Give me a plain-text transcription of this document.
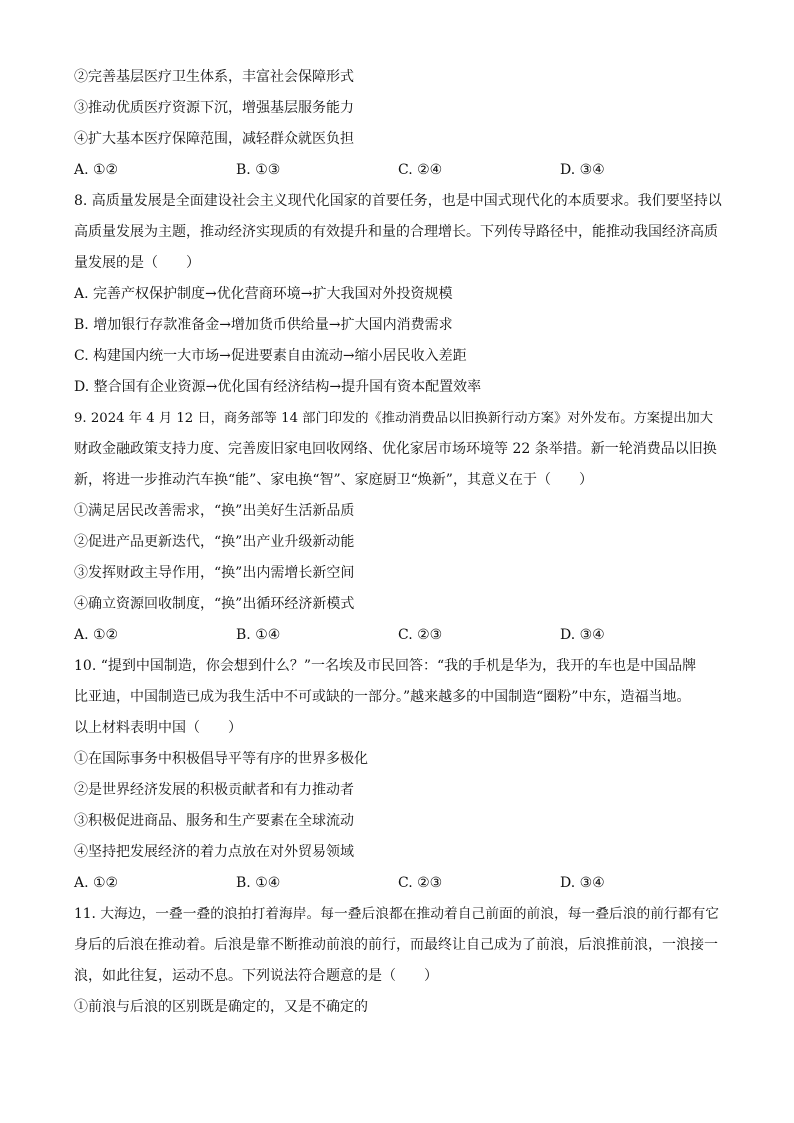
②完善基层医疗卫生体系，丰富社会保障形式
③推动优质医疗资源下沉，增强基层服务能力
④扩大基本医疗保障范围，减轻群众就医负担
A. ①②	B. ①③	C. ②④	D. ③④
8. 高质量发展是全面建设社会主义现代化国家的首要任务，也是中国式现代化的本质要求。我们要坚持以
高质量发展为主题，推动经济实现质的有效提升和量的合理增长。下列传导路径中，能推动我国经济高质
量发展的是（　　）
A. 完善产权保护制度→优化营商环境→扩大我国对外投资规模
B. 增加银行存款准备金→增加货币供给量→扩大国内消费需求
C. 构建国内统一大市场→促进要素自由流动→缩小居民收入差距
D. 整合国有企业资源→优化国有经济结构→提升国有资本配置效率
9. 2024 年 4 月 12 日，商务部等 14 部门印发的《推动消费品以旧换新行动方案》对外发布。方案提出加大
财政金融政策支持力度、完善废旧家电回收网络、优化家居市场环境等 22 条举措。新一轮消费品以旧换
新，将进一步推动汽车换“能”、家电换“智”、家庭厨卫“焕新”，其意义在于（　　）
①满足居民改善需求，“换”出美好生活新品质
②促进产品更新迭代，“换”出产业升级新动能
③发挥财政主导作用，“换”出内需增长新空间
④确立资源回收制度，“换”出循环经济新模式
A. ①②	B. ①④	C. ②③	D. ③④
10. “提到中国制造，你会想到什么？”一名埃及市民回答：“我的手机是华为，我开的车也是中国品牌
比亚迪，中国制造已成为我生活中不可或缺的一部分。”越来越多的中国制造“圈粉”中东，造福当地。
以上材料表明中国（　　）
①在国际事务中积极倡导平等有序的世界多极化
②是世界经济发展的积极贡献者和有力推动者
③积极促进商品、服务和生产要素在全球流动
④坚持把发展经济的着力点放在对外贸易领域
A. ①②	B. ①④	C. ②③	D. ③④
11. 大海边，一叠一叠的浪拍打着海岸。每一叠后浪都在推动着自己前面的前浪，每一叠后浪的前行都有它
身后的后浪在推动着。后浪是靠不断推动前浪的前行，而最终让自己成为了前浪，后浪推前浪，一浪接一
浪，如此往复，运动不息。下列说法符合题意的是（　　）
①前浪与后浪的区别既是确定的，又是不确定的
